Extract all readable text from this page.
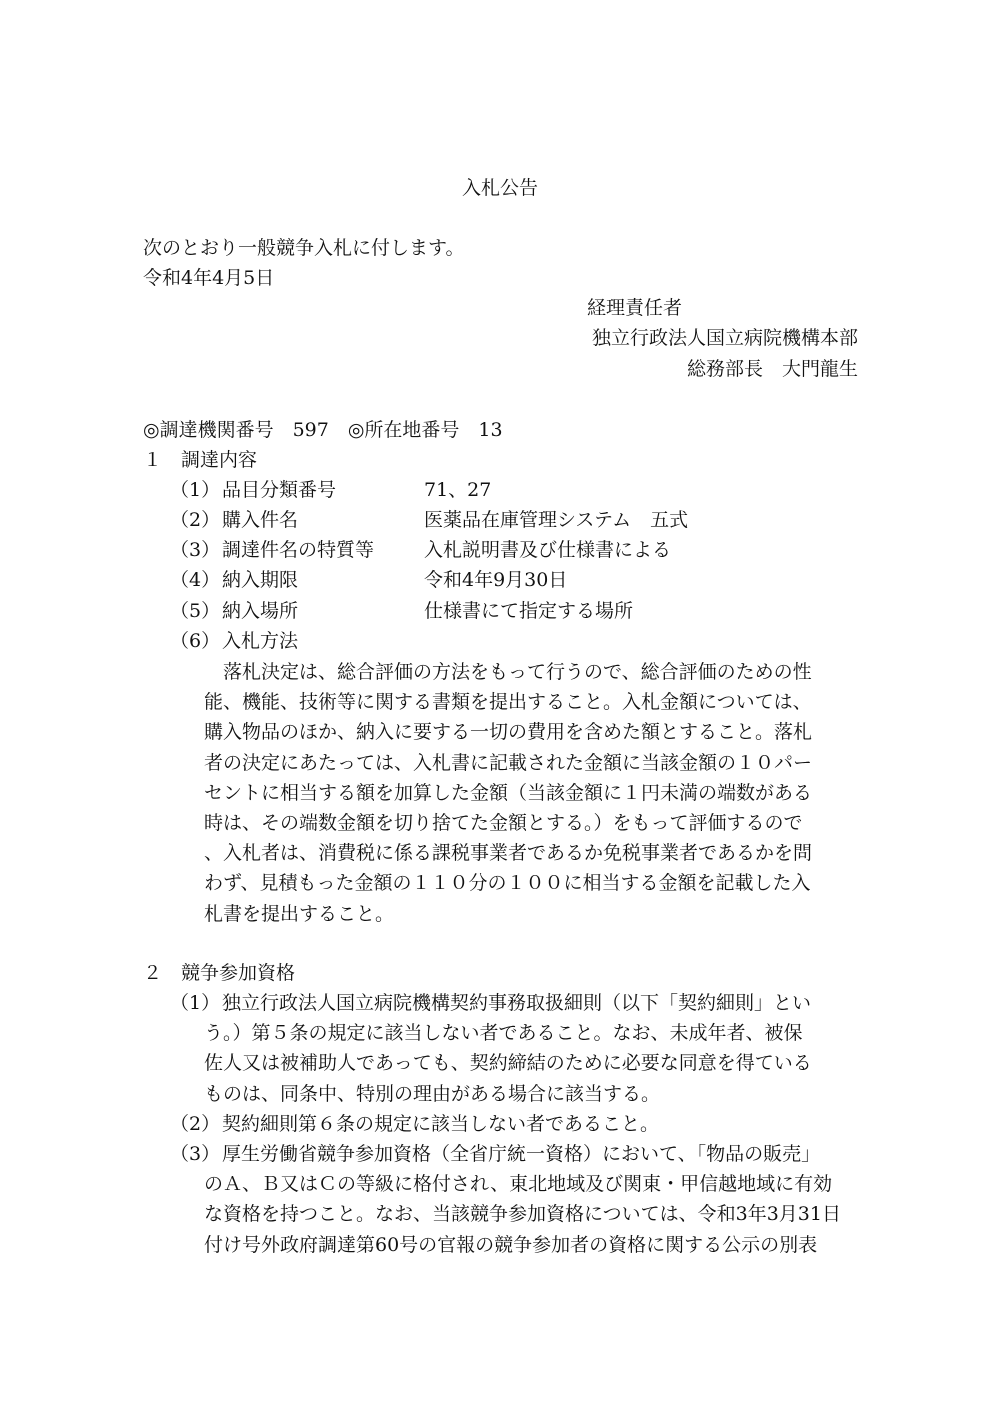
入札公告
次のとおり一般競争入札に付します。
令和4年4月5日
経理責任者
独立行政法人国立病院機構本部
総務部長　大門龍生
◎調達機関番号　597　◎所在地番号　13
１　調達内容
（1） 品目分類番号	71、27
（2） 購入件名	医薬品在庫管理システム　五式
（3） 調達件名の特質等	入札説明書及び仕様書による
（4） 納入期限	令和4年9月30日
（5） 納入場所	仕様書にて指定する場所
（6） 入札方法
　落札決定は、総合評価の方法をもって行うので、総合評価のための性
能、機能、技術等に関する書類を提出すること。入札金額については、
購入物品のほか、納入に要する一切の費用を含めた額とすること。落札
者の決定にあたっては、入札書に記載された金額に当該金額の１０パー
セントに相当する額を加算した金額（当該金額に１円未満の端数がある
時は、その端数金額を切り捨てた金額とする。）をもって評価するので
、入札者は、消費税に係る課税事業者であるか免税事業者であるかを問
わず、見積もった金額の１１０分の１００に相当する金額を記載した入
札書を提出すること。
２　競争参加資格
（1） 独立行政法人国立病院機構契約事務取扱細則（以下「契約細則」とい
う。）第５条の規定に該当しない者であること。なお、未成年者、被保
佐人又は被補助人であっても、契約締結のために必要な同意を得ている
ものは、同条中、特別の理由がある場合に該当する。
（2） 契約細則第６条の規定に該当しない者であること。
（3） 厚生労働省競争参加資格（全省庁統一資格）において、「物品の販売」
のＡ、Ｂ又はＣの等級に格付され、東北地域及び関東・甲信越地域に有効
な資格を持つこと。なお、当該競争参加資格については、令和3年3月31日
付け号外政府調達第60号の官報の競争参加者の資格に関する公示の別表
